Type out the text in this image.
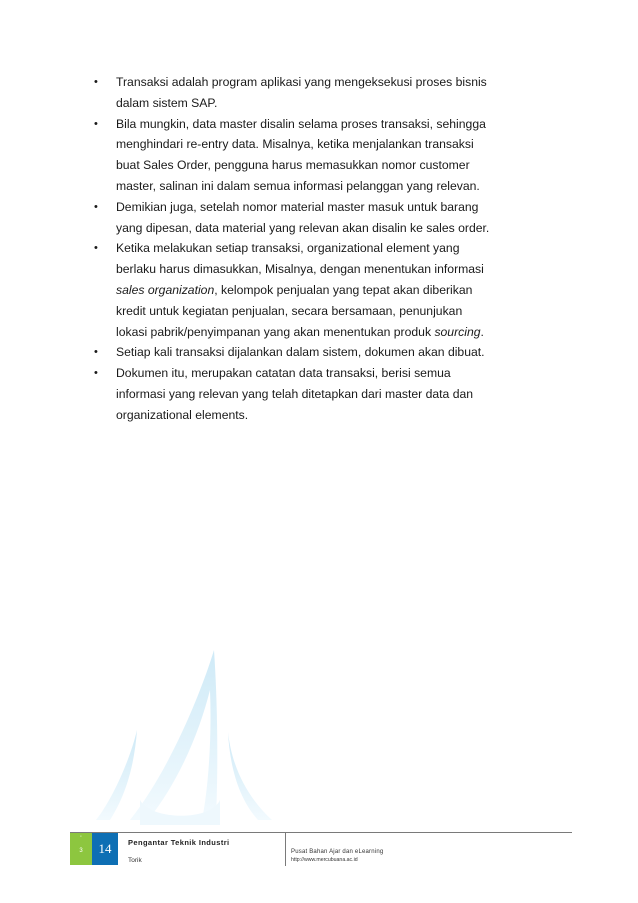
• Transaksi adalah program aplikasi yang mengeksekusi proses bisnis dalam sistem SAP.
• Bila mungkin, data master disalin selama proses transaksi, sehingga menghindari re-entry data. Misalnya, ketika menjalankan transaksi buat Sales Order, pengguna harus memasukkan nomor customer master, salinan ini dalam semua informasi pelanggan yang relevan.
• Demikian juga, setelah nomor material master masuk untuk barang yang dipesan, data material yang relevan akan disalin ke sales order.
• Ketika melakukan setiap transaksi, organizational element yang berlaku harus dimasukkan, Misalnya, dengan menentukan informasi sales organization, kelompok penjualan yang tepat akan diberikan kredit untuk kegiatan penjualan, secara bersamaan, penunjukan lokasi pabrik/penyimpanan yang akan menentukan produk sourcing.
• Setiap kali transaksi dijalankan dalam sistem, dokumen akan dibuat.
• Dokumen itu, merupakan catatan data transaksi, berisi semua informasi yang relevan yang telah ditetapkan dari master data dan organizational elements.
'
3	14	Pengantar Teknik Industri
Torik
Pusat Bahan Ajar dan eLearning
http://www.mercubuana.ac.id
